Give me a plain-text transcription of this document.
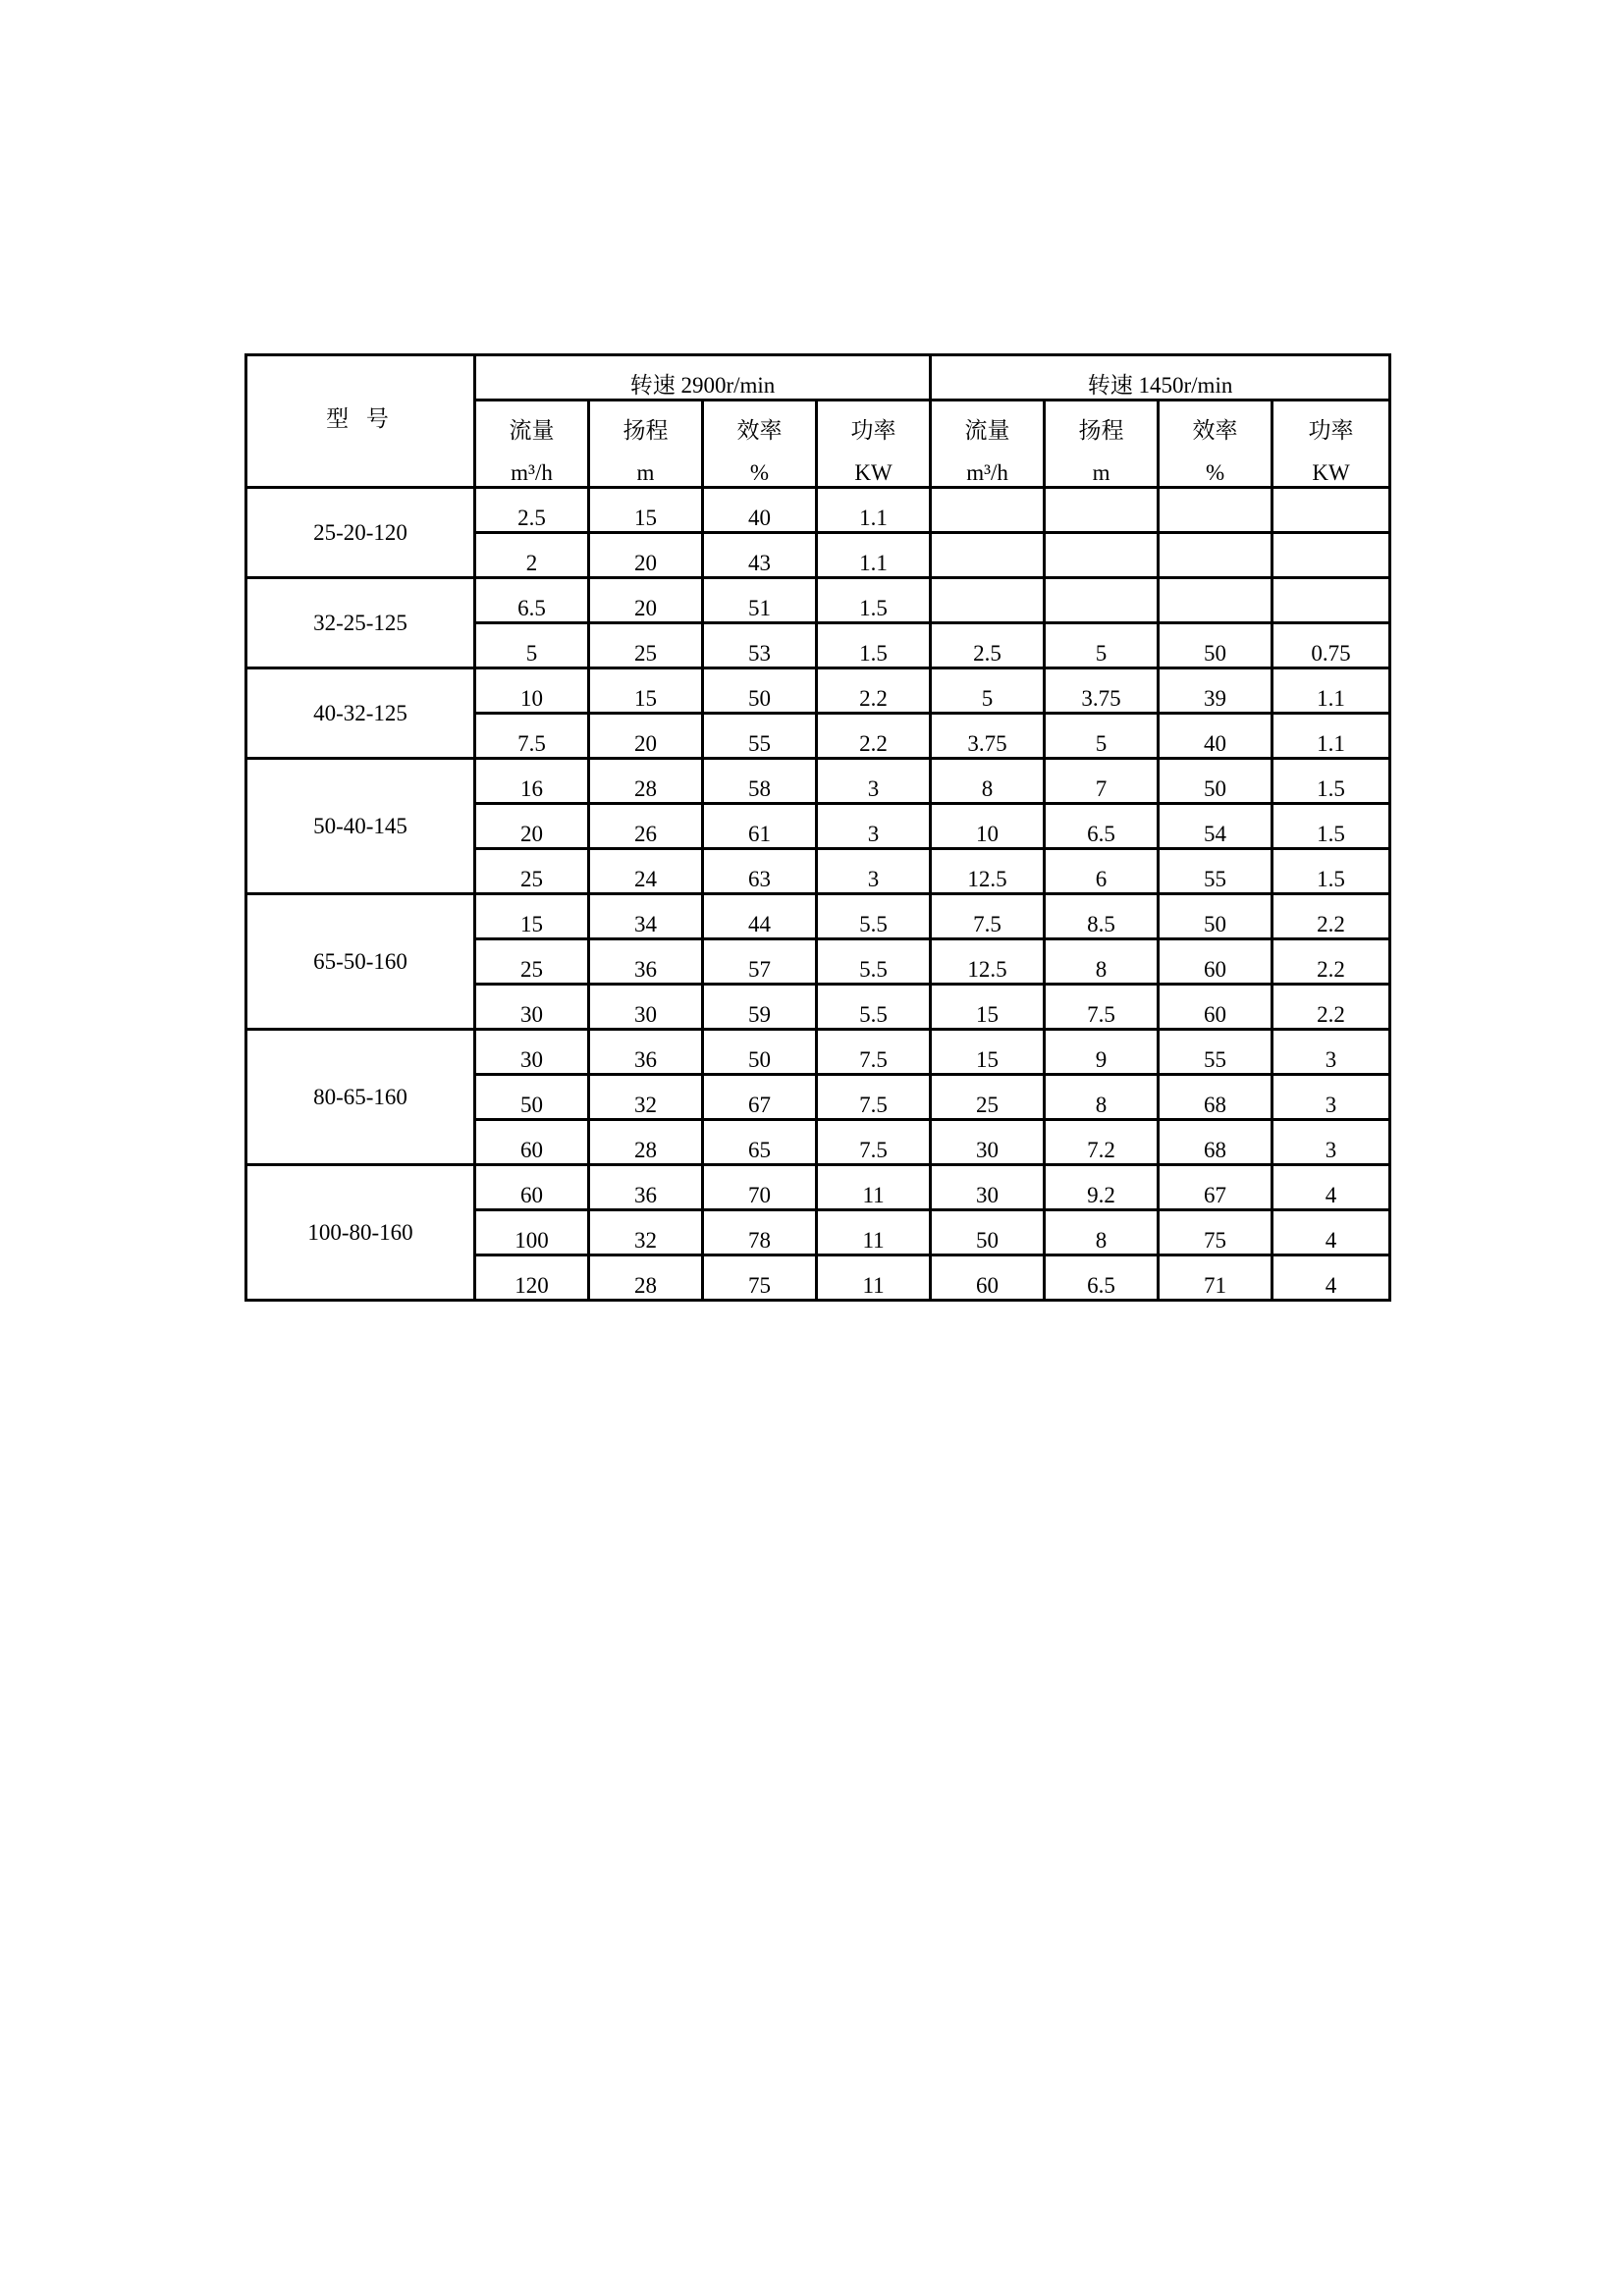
型 号	转速 2900r/min				转速 1450r/min			
	流量	扬程	效率	功率	流量	扬程	效率	功率
	m³/h	m	%	KW	m³/h	m	%	KW
25-20-120	2.5	15	40	1.1				
	2	20	43	1.1				
32-25-125	6.5	20	51	1.5				
	5	25	53	1.5	2.5	5	50	0.75
40-32-125	10	15	50	2.2	5	3.75	39	1.1
	7.5	20	55	2.2	3.75	5	40	1.1
50-40-145	16	28	58	3	8	7	50	1.5
	20	26	61	3	10	6.5	54	1.5
	25	24	63	3	12.5	6	55	1.5
65-50-160	15	34	44	5.5	7.5	8.5	50	2.2
	25	36	57	5.5	12.5	8	60	2.2
	30	30	59	5.5	15	7.5	60	2.2
80-65-160	30	36	50	7.5	15	9	55	3
	50	32	67	7.5	25	8	68	3
	60	28	65	7.5	30	7.2	68	3
100-80-160	60	36	70	11	30	9.2	67	4
	100	32	78	11	50	8	75	4
	120	28	75	11	60	6.5	71	4
